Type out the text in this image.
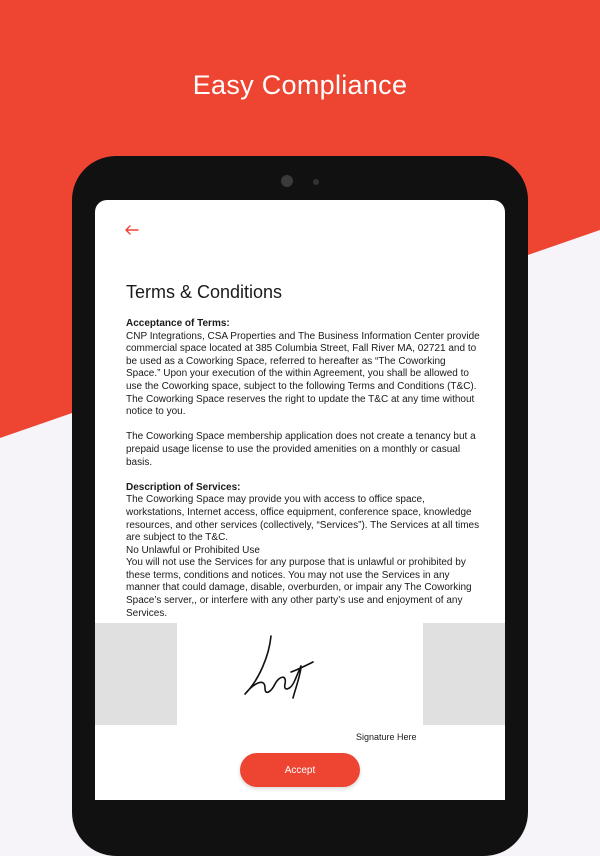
Easy Compliance
Terms & Conditions

Acceptance of Terms:

CNP Integrations, CSA Properties and The Business Information Center provide commercial space located at 385 Columbia Street, Fall River MA, 02721 and to be used as a Coworking Space, referred to hereafter as “The Coworking Space.” Upon your execution of the within Agreement, you shall be allowed to use the Coworking space, subject to the following Terms and Conditions (T&C). The Coworking Space reserves the right to update the T&C at any time without notice to you.

The Coworking Space membership application does not create a tenancy but a prepaid usage license to use the provided amenities on a monthly or casual basis.

Description of Services:

The Coworking Space may provide you with access to office space, workstations, Internet access, office equipment, conference space, knowledge resources, and other services (collectively, “Services”). The Services at all times are subject to the T&C.

No Unlawful or Prohibited Use

You will not use the Services for any purpose that is unlawful or prohibited by these terms, conditions and notices. You may not use the Services in any manner that could damage, disable, overburden, or impair any The Coworking Space’s server,, or interfere with any other party’s use and enjoyment of any Services.

Signature Here
Accept
